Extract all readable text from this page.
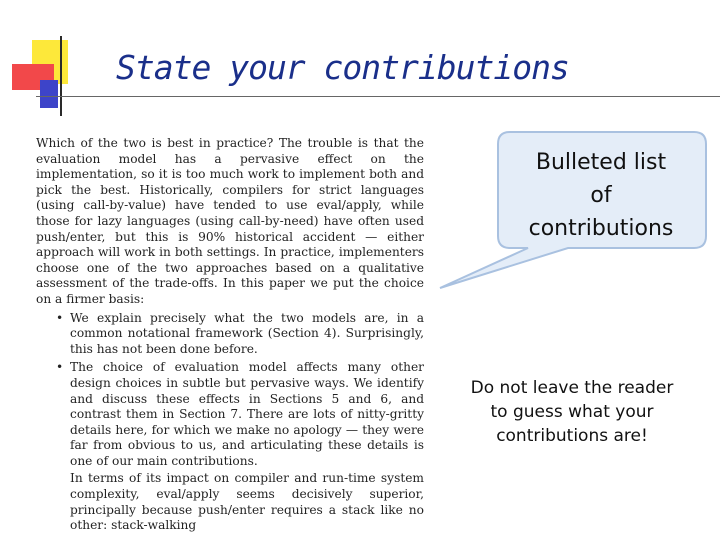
State your contributions

Which of the two is best in practice? The trouble is that the evaluation model has a pervasive effect on the implementation, so it is too much work to implement both and pick the best. Historically, compilers for strict languages (using call-by-value) have tended to use eval/apply, while those for lazy languages (using call-by-need) have often used push/enter, but this is 90% historical accident — either approach will work in both settings. In practice, implementers choose one of the two approaches based on a qualitative assessment of the trade-offs. In this paper we put the choice on a firmer basis:

• We explain precisely what the two models are, in a common notational framework (Section 4). Surprisingly, this has not been done before.
• The choice of evaluation model affects many other design choices in subtle but pervasive ways. We identify and discuss these effects in Sections 5 and 6, and contrast them in Section 7. There are lots of nitty-gritty details here, for which we make no apology — they were far from obvious to us, and articulating these details is one of our main contributions.

In terms of its impact on compiler and run-time system complexity, eval/apply seems decisively superior, principally because push/enter requires a stack like no other: stack-walking

Bulleted list
of
contributions
Do not leave the reader to guess what your contributions are!
